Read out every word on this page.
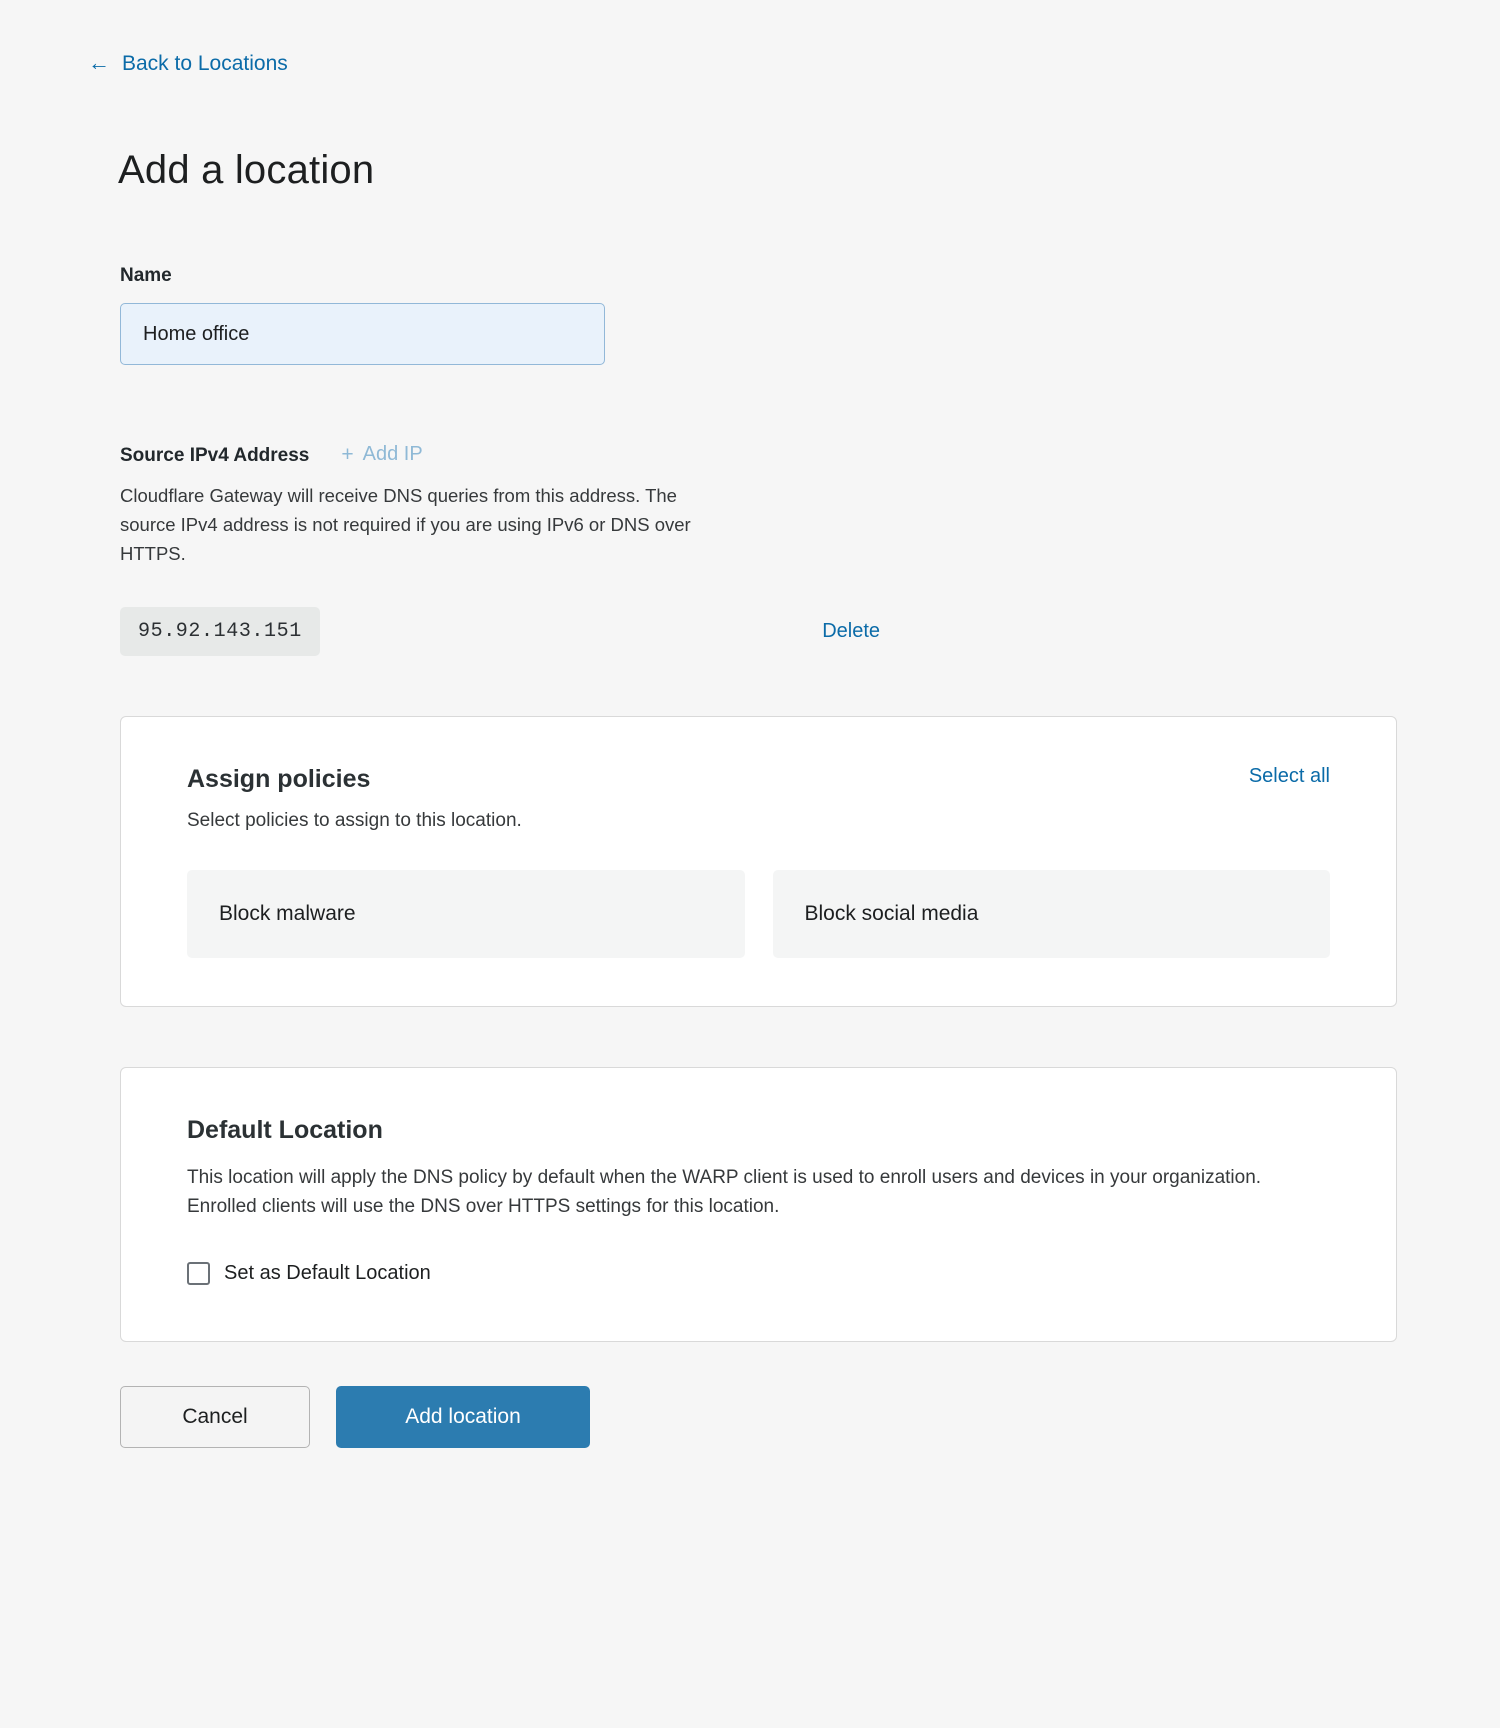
← Back to Locations
Add a location
Name
Home office
Source IPv4 Address + Add IP
Cloudflare Gateway will receive DNS queries from this address. The source IPv4 address is not required if you are using IPv6 or DNS over HTTPS.
95.92.143.151	Delete
Assign policies	Select all
Select policies to assign to this location.
Block malware	Block social media
Default Location
This location will apply the DNS policy by default when the WARP client is used to enroll users and devices in your organization. Enrolled clients will use the DNS over HTTPS settings for this location.
Set as Default Location
Cancel	Add location
